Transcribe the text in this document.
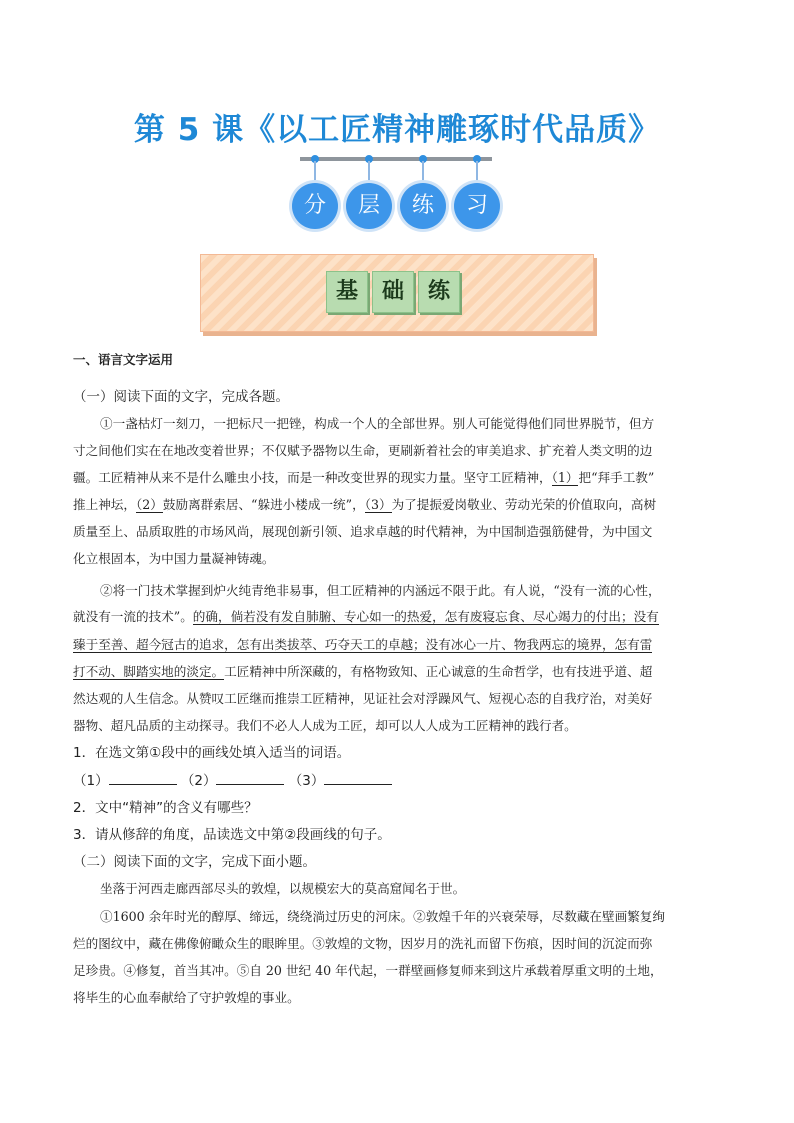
第 5 课《以工匠精神雕琢时代品质》
分	层	练	习
基	础	练
一、语言文字运用
（一）阅读下面的文字，完成各题。
①一盏枯灯一刻刀，一把标尺一把锉，构成一个人的全部世界。别人可能觉得他们同世界脱节，但方
寸之间他们实在在地改变着世界；不仅赋予器物以生命，更刷新着社会的审美追求、扩充着人类文明的边
疆。工匠精神从来不是什么雕虫小技，而是一种改变世界的现实力量。坚守工匠精神，（1）把“拜手工教”
推上神坛，（2）鼓励离群索居、“躲进小楼成一统”，（3）为了提振爱岗敬业、劳动光荣的价值取向，高树
质量至上、品质取胜的市场风尚，展现创新引领、追求卓越的时代精神，为中国制造强筋健骨，为中国文
化立根固本，为中国力量凝神铸魂。
②将一门技术掌握到炉火纯青绝非易事，但工匠精神的内涵远不限于此。有人说，“没有一流的心性，
就没有一流的技术”。的确，倘若没有发自肺腑、专心如一的热爱，怎有废寝忘食、尽心竭力的付出；没有
臻于至善、超今冠古的追求，怎有出类拔萃、巧夺天工的卓越；没有冰心一片、物我两忘的境界，怎有雷
打不动、脚踏实地的淡定。工匠精神中所深藏的，有格物致知、正心诚意的生命哲学，也有技进乎道、超
然达观的人生信念。从赞叹工匠继而推崇工匠精神，见证社会对浮躁风气、短视心态的自我疗治，对美好
器物、超凡品质的主动探寻。我们不必人人成为工匠，却可以人人成为工匠精神的践行者。
1．在选文第①段中的画线处填入适当的词语。
（1）	（2）	（3）
2．文中“精神”的含义有哪些？
3．请从修辞的角度，品读选文中第②段画线的句子。
（二）阅读下面的文字，完成下面小题。
坐落于河西走廊西部尽头的敦煌，以规模宏大的莫高窟闻名于世。
①1600 余年时光的醇厚、缔远，绕绕淌过历史的河床。②敦煌千年的兴衰荣辱，尽数藏在壁画繁复绚
烂的图纹中，藏在佛像俯瞰众生的眼眸里。③敦煌的文物，因岁月的洗礼而留下伤痕，因时间的沉淀而弥
足珍贵。④修复，首当其冲。⑤自 20 世纪 40 年代起，一群壁画修复师来到这片承载着厚重文明的土地，
将毕生的心血奉献给了守护敦煌的事业。
